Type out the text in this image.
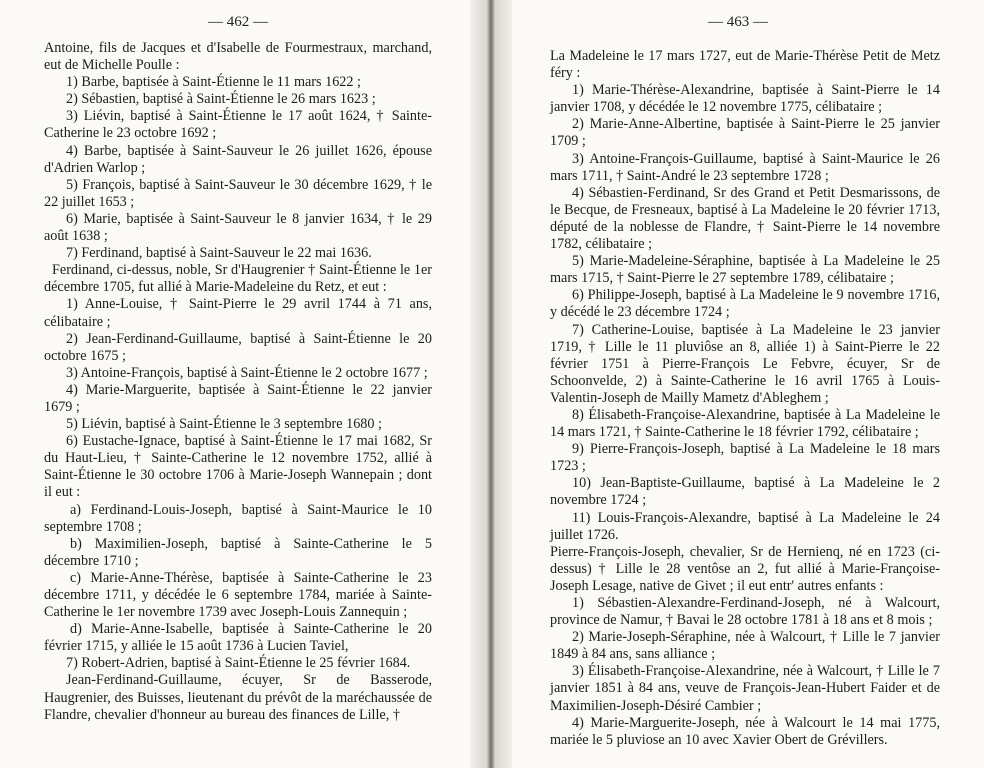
— 462 —

Antoine, fils de Jacques et d'Isabelle de Fourmestraux, marchand, eut de Michelle Poulle :

1) Barbe, baptisée à Saint-Étienne le 11 mars 1622 ;

2) Sébastien, baptisé à Saint-Étienne le 26 mars 1623 ;

3) Liévin, baptisé à Saint-Étienne le 17 août 1624, † Sainte-Catherine le 23 octobre 1692 ;

4) Barbe, baptisée à Saint-Sauveur le 26 juillet 1626, épouse d'Adrien Warlop ;

5) François, baptisé à Saint-Sauveur le 30 décembre 1629, † le 22 juillet 1653 ;

6) Marie, baptisée à Saint-Sauveur le 8 janvier 1634, † le 29 août 1638 ;

7) Ferdinand, baptisé à Saint-Sauveur le 22 mai 1636.

Ferdinand, ci-dessus, noble, Sr d'Haugrenier † Saint-Étienne le 1er décembre 1705, fut allié à Marie-Madeleine du Retz, et eut :

1) Anne-Louise, † Saint-Pierre le 29 avril 1744 à 71 ans, célibataire ;

2) Jean-Ferdinand-Guillaume, baptisé à Saint-Étienne le 20 octobre 1675 ;

3) Antoine-François, baptisé à Saint-Étienne le 2 octobre 1677 ;

4) Marie-Marguerite, baptisée à Saint-Étienne le 22 janvier 1679 ;

5) Liévin, baptisé à Saint-Étienne le 3 septembre 1680 ;

6) Eustache-Ignace, baptisé à Saint-Étienne le 17 mai 1682, Sr du Haut-Lieu, † Sainte-Catherine le 12 novembre 1752, allié à Saint-Étienne le 30 octobre 1706 à Marie-Joseph Wannepain ; dont il eut :

a) Ferdinand-Louis-Joseph, baptisé à Saint-Maurice le 10 septembre 1708 ;

b) Maximilien-Joseph, baptisé à Sainte-Catherine le 5 décembre 1710 ;

c) Marie-Anne-Thérèse, baptisée à Sainte-Catherine le 23 décembre 1711, y décédée le 6 septembre 1784, mariée à Sainte-Catherine le 1er novembre 1739 avec Joseph-Louis Zannequin ;

d) Marie-Anne-Isabelle, baptisée à Sainte-Catherine le 20 février 1715, y alliée le 15 août 1736 à Lucien Taviel,

7) Robert-Adrien, baptisé à Saint-Étienne le 25 février 1684.

Jean-Ferdinand-Guillaume, écuyer, Sr de Basserode, Haugrenier, des Buisses, lieutenant du prévôt de la maréchaussée de Flandre, chevalier d'honneur au bureau des finances de Lille, †

— 463 —

La Madeleine le 17 mars 1727, eut de Marie-Thérèse Petit de Metz féry :

1) Marie-Thérèse-Alexandrine, baptisée à Saint-Pierre le 14 janvier 1708, y décédée le 12 novembre 1775, célibataire ;

2) Marie-Anne-Albertine, baptisée à Saint-Pierre le 25 janvier 1709 ;

3) Antoine-François-Guillaume, baptisé à Saint-Maurice le 26 mars 1711, † Saint-André le 23 septembre 1728 ;

4) Sébastien-Ferdinand, Sr des Grand et Petit Desmarissons, de le Becque, de Fresneaux, baptisé à La Madeleine le 20 février 1713, député de la noblesse de Flandre, † Saint-Pierre le 14 novembre 1782, célibataire ;

5) Marie-Madeleine-Séraphine, baptisée à La Madeleine le 25 mars 1715, † Saint-Pierre le 27 septembre 1789, célibataire ;

6) Philippe-Joseph, baptisé à La Madeleine le 9 novembre 1716, y décédé le 23 décembre 1724 ;

7) Catherine-Louise, baptisée à La Madeleine le 23 janvier 1719, † Lille le 11 pluviôse an 8, alliée 1) à Saint-Pierre le 22 février 1751 à Pierre-François Le Febvre, écuyer, Sr de Schoonvelde, 2) à Sainte-Catherine le 16 avril 1765 à Louis-Valentin-Joseph de Mailly Mametz d'Ableghem ;

8) Élisabeth-Françoise-Alexandrine, baptisée à La Madeleine le 14 mars 1721, † Sainte-Catherine le 18 février 1792, célibataire ;

9) Pierre-François-Joseph, baptisé à La Madeleine le 18 mars 1723 ;

10) Jean-Baptiste-Guillaume, baptisé à La Madeleine le 2 novembre 1724 ;

11) Louis-François-Alexandre, baptisé à La Madeleine le 24 juillet 1726.

Pierre-François-Joseph, chevalier, Sr de Hernienq, né en 1723 (ci-dessus) † Lille le 28 ventôse an 2, fut allié à Marie-Françoise-Joseph Lesage, native de Givet ; il eut entr' autres enfants :

1) Sébastien-Alexandre-Ferdinand-Joseph, né à Walcourt, province de Namur, † Bavai le 28 octobre 1781 à 18 ans et 8 mois ;

2) Marie-Joseph-Séraphine, née à Walcourt, † Lille le 7 janvier 1849 à 84 ans, sans alliance ;

3) Élisabeth-Françoise-Alexandrine, née à Walcourt, † Lille le 7 janvier 1851 à 84 ans, veuve de François-Jean-Hubert Faider et de Maximilien-Joseph-Désiré Cambier ;

4) Marie-Marguerite-Joseph, née à Walcourt le 14 mai 1775, mariée le 5 pluviose an 10 avec Xavier Obert de Grévillers.
